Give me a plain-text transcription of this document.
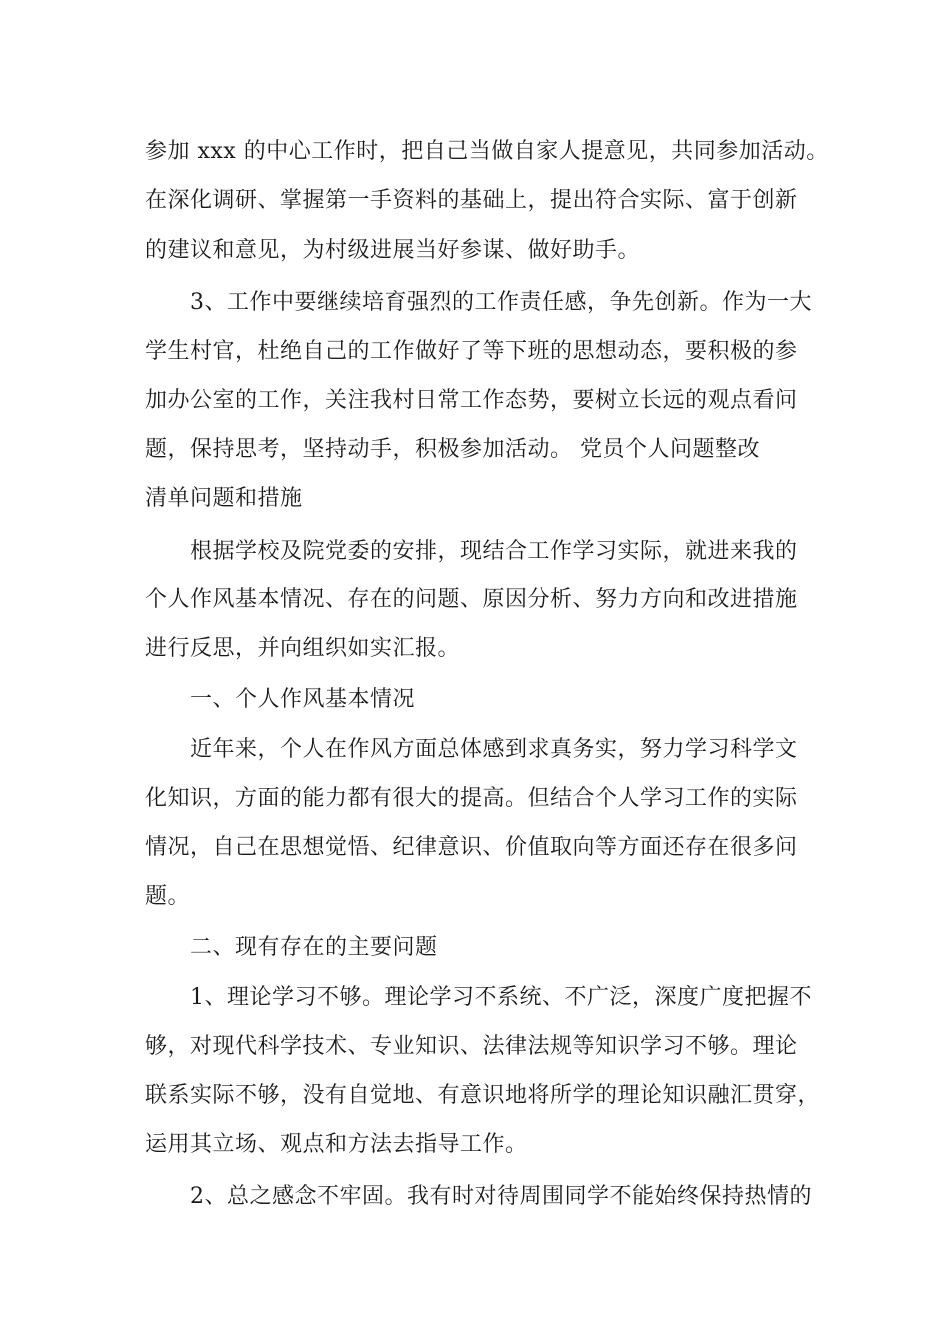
参加 xxx 的中心工作时，把自己当做自家人提意见，共同参加活动。
在深化调研、掌握第一手资料的基础上，提出符合实际、富于创新
的建议和意见，为村级进展当好参谋、做好助手。
3、工作中要继续培育强烈的工作责任感，争先创新。作为一大
学生村官，杜绝自己的工作做好了等下班的思想动态，要积极的参
加办公室的工作，关注我村日常工作态势，要树立长远的观点看问
题，保持思考，坚持动手，积极参加活动。 党员个人问题整改
清单问题和措施
根据学校及院党委的安排，现结合工作学习实际，就进来我的
个人作风基本情况、存在的问题、原因分析、努力方向和改进措施
进行反思，并向组织如实汇报。
一、个人作风基本情况
近年来，个人在作风方面总体感到求真务实，努力学习科学文
化知识，方面的能力都有很大的提高。但结合个人学习工作的实际
情况，自己在思想觉悟、纪律意识、价值取向等方面还存在很多问
题。
二、现有存在的主要问题
1、理论学习不够。理论学习不系统、不广泛，深度广度把握不
够，对现代科学技术、专业知识、法律法规等知识学习不够。理论
联系实际不够，没有自觉地、有意识地将所学的理论知识融汇贯穿，
运用其立场、观点和方法去指导工作。
2、总之感念不牢固。我有时对待周围同学不能始终保持热情的
